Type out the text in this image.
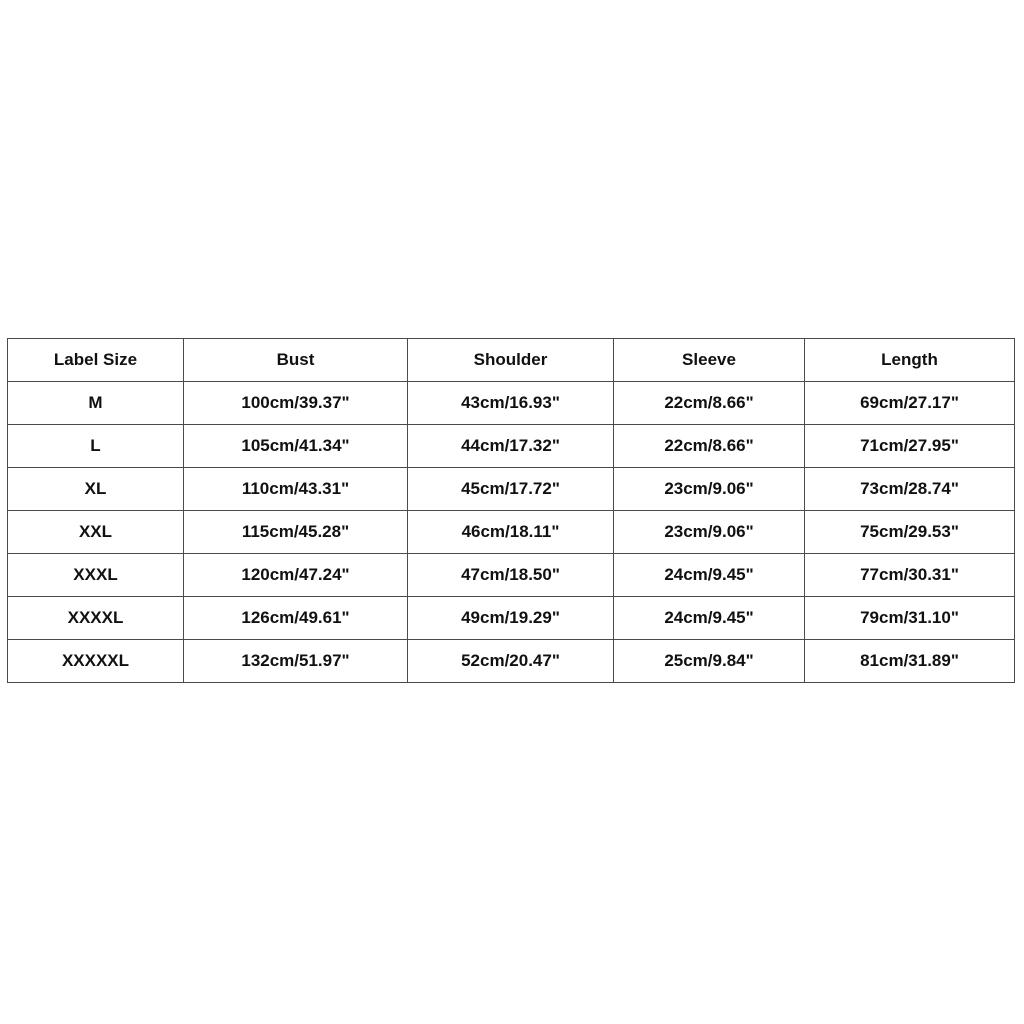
Label Size	Bust	Shoulder	Sleeve	Length
M	100cm/39.37"	43cm/16.93"	22cm/8.66"	69cm/27.17"
L	105cm/41.34"	44cm/17.32"	22cm/8.66"	71cm/27.95"
XL	110cm/43.31"	45cm/17.72"	23cm/9.06"	73cm/28.74"
XXL	115cm/45.28"	46cm/18.11"	23cm/9.06"	75cm/29.53"
XXXL	120cm/47.24"	47cm/18.50"	24cm/9.45"	77cm/30.31"
XXXXL	126cm/49.61"	49cm/19.29"	24cm/9.45"	79cm/31.10"
XXXXXL	132cm/51.97"	52cm/20.47"	25cm/9.84"	81cm/31.89"
